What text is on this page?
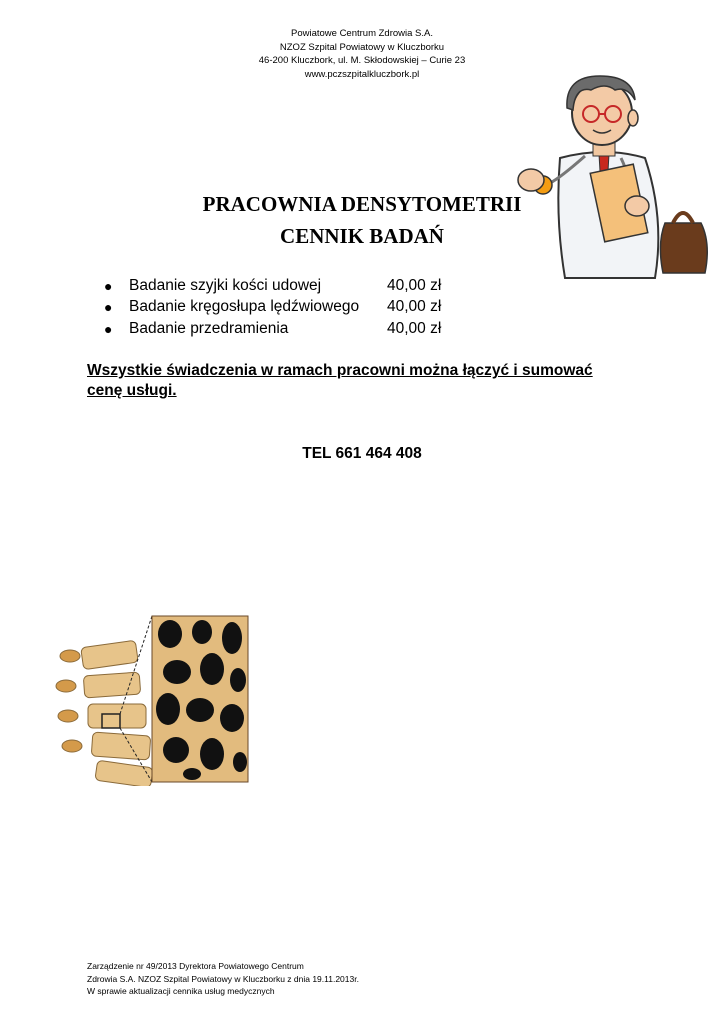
Powiatowe Centrum Zdrowia S.A.
NZOZ Szpital Powiatowy w Kluczborku
46-200 Kluczbork, ul. M. Skłodowskiej – Curie 23
www.pczszpitalkluczbork.pl
PRACOWNIA DENSYTOMETRII
CENNIK BADAŃ
●	Badanie szyjki kości udowej	40,00 zł
●	Badanie kręgosłupa lędźwiowego	40,00 zł
●	Badanie przedramienia	40,00 zł
Wszystkie świadczenia w ramach pracowni można łączyć i sumować cenę usługi.
TEL 661 464 408
Zarządzenie nr 49/2013 Dyrektora Powiatowego Centrum
Zdrowia S.A. NZOZ Szpital Powiatowy w Kluczborku z dnia 19.11.2013r.
W sprawie aktualizacji cennika usług medycznych
